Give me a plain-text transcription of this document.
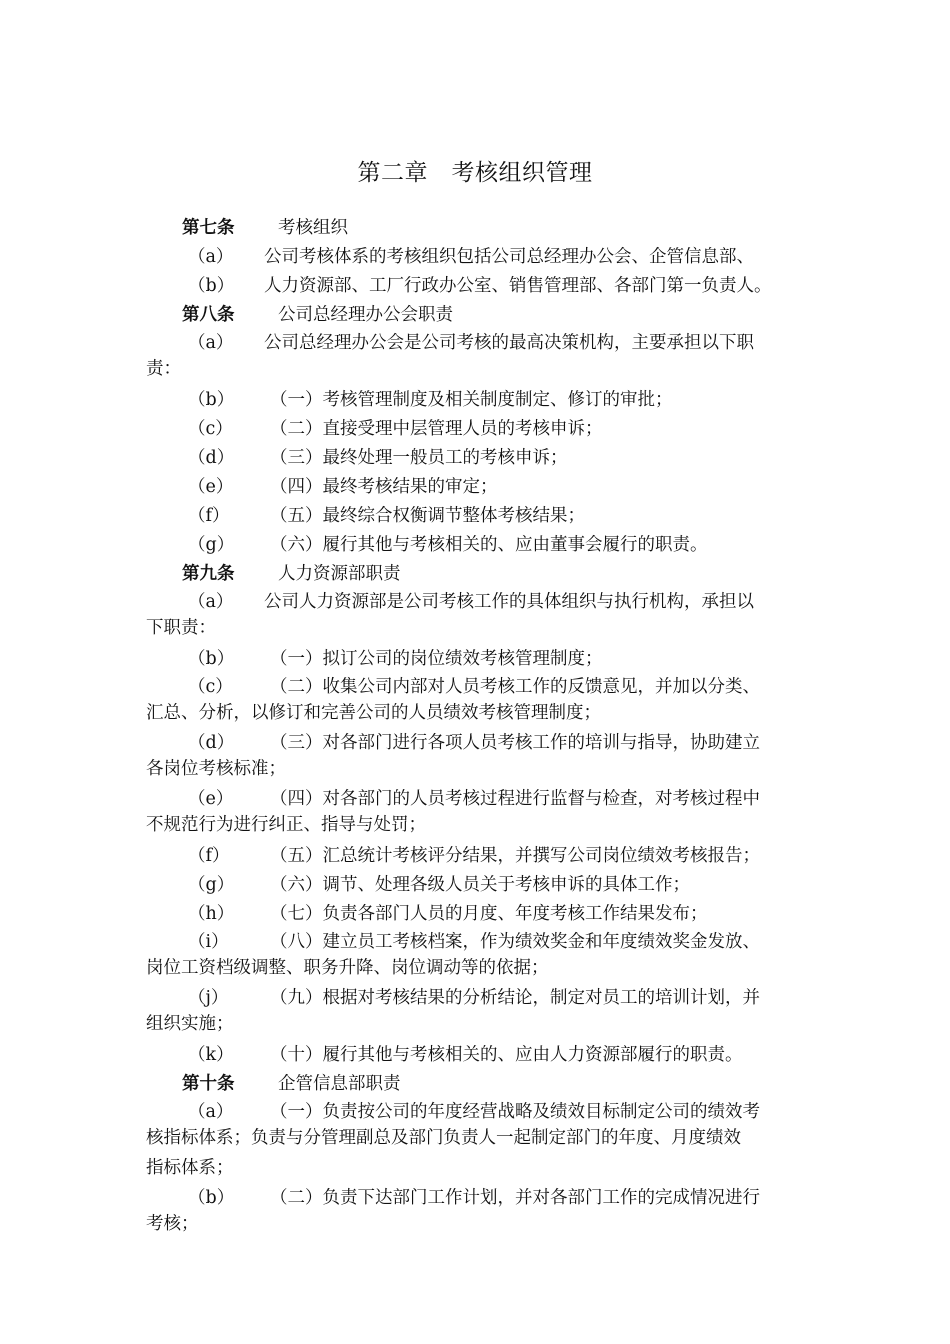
第二章　考核组织管理
第七条 考核组织
（a）	公司考核体系的考核组织包括公司总经理办公会、企管信息部、
（b）	人力资源部、工厂行政办公室、销售管理部、各部门第一负责人。
第八条 公司总经理办公会职责
（a）	公司总经理办公会是公司考核的最高决策机构，主要承担以下职
责：
（b）	（一）考核管理制度及相关制度制定、修订的审批；
（c）	（二）直接受理中层管理人员的考核申诉；
（d）	（三）最终处理一般员工的考核申诉；
（e）	（四）最终考核结果的审定；
（f）	（五）最终综合权衡调节整体考核结果；
（g）	（六）履行其他与考核相关的、应由董事会履行的职责。
第九条 人力资源部职责
（a）	公司人力资源部是公司考核工作的具体组织与执行机构，承担以
下职责：
（b）	（一）拟订公司的岗位绩效考核管理制度；
（c）	（二）收集公司内部对人员考核工作的反馈意见，并加以分类、
汇总、分析，以修订和完善公司的人员绩效考核管理制度；
（d）	（三）对各部门进行各项人员考核工作的培训与指导，协助建立
各岗位考核标准；
（e）	（四）对各部门的人员考核过程进行监督与检查，对考核过程中
不规范行为进行纠正、指导与处罚；
（f）	（五）汇总统计考核评分结果，并撰写公司岗位绩效考核报告；
（g）	（六）调节、处理各级人员关于考核申诉的具体工作；
（h）	（七）负责各部门人员的月度、年度考核工作结果发布；
（i）	（八）建立员工考核档案，作为绩效奖金和年度绩效奖金发放、
岗位工资档级调整、职务升降、岗位调动等的依据；
（j）	（九）根据对考核结果的分析结论，制定对员工的培训计划，并
组织实施；
（k）	（十）履行其他与考核相关的、应由人力资源部履行的职责。
第十条 企管信息部职责
（a）	（一）负责按公司的年度经营战略及绩效目标制定公司的绩效考
核指标体系；负责与分管理副总及部门负责人一起制定部门的年度、月度绩效
指标体系；
（b）	（二）负责下达部门工作计划，并对各部门工作的完成情况进行
考核；
